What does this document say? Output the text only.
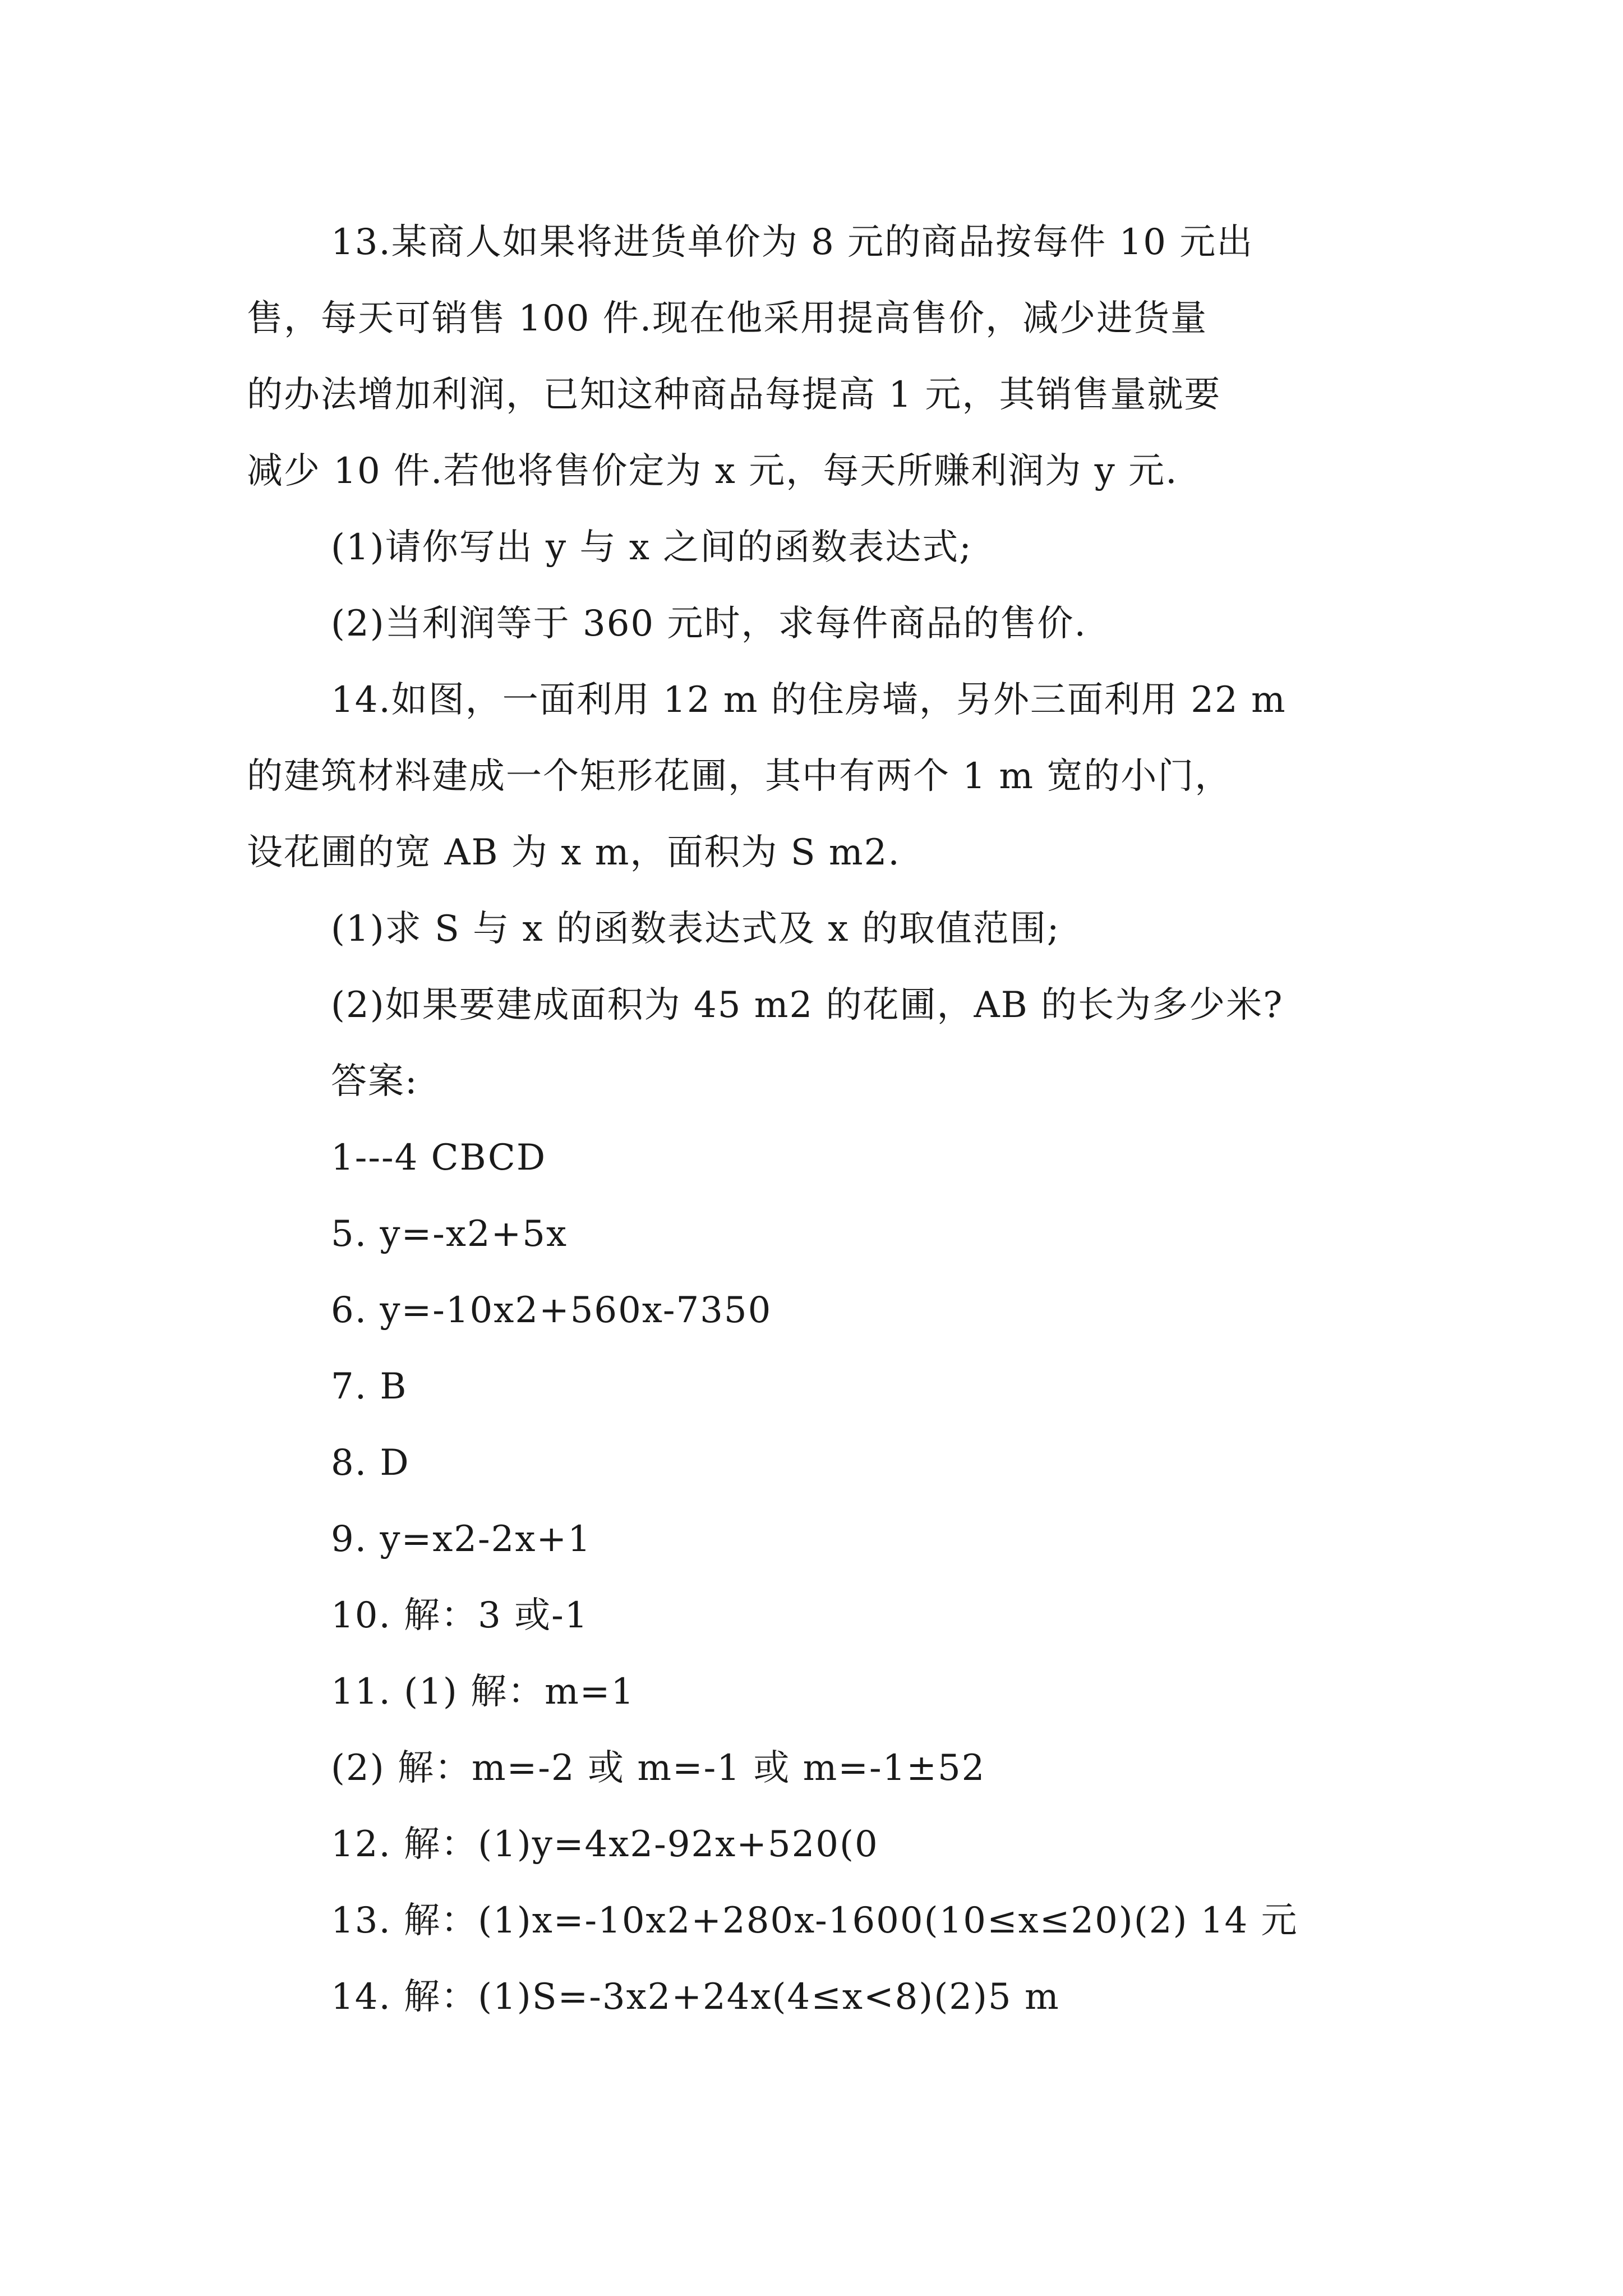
13.某商人如果将进货单价为 8 元的商品按每件 10 元出
售，每天可销售 100 件.现在他采用提高售价，减少进货量
的办法增加利润，已知这种商品每提高 1 元，其销售量就要
减少 10 件.若他将售价定为 x 元，每天所赚利润为 y 元.
(1)请你写出 y 与 x 之间的函数表达式;
(2)当利润等于 360 元时，求每件商品的售价.
14.如图，一面利用 12 m 的住房墙，另外三面利用 22 m
的建筑材料建成一个矩形花圃，其中有两个 1 m 宽的小门，
设花圃的宽 AB 为 x m，面积为 S m2.
(1)求 S 与 x 的函数表达式及 x 的取值范围;
(2)如果要建成面积为 45 m2 的花圃，AB 的长为多少米?
答案:
1---4 CBCD
5. y=-x2+5x
6. y=-10x2+560x-7350
7. B
8. D
9. y=x2-2x+1
10. 解：3 或-1
11. (1) 解：m=1
(2) 解：m=-2 或 m=-1 或 m=-1±52
12. 解：(1)y=4x2-92x+520(0
13. 解：(1)x=-10x2+280x-1600(10≤x≤20)(2) 14 元
14. 解：(1)S=-3x2+24x(4≤x<8)(2)5 m
